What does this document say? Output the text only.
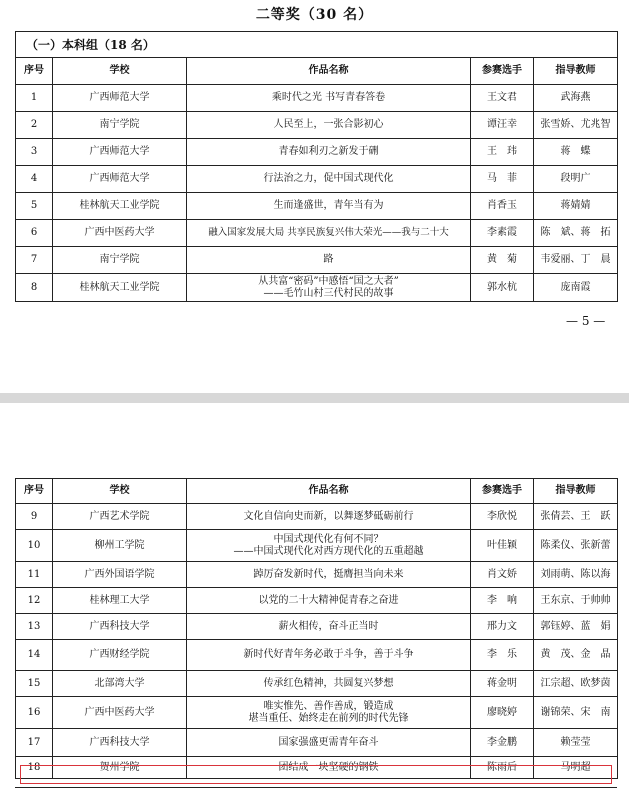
二等奖（30 名）
（一）本科组（18 名）				
序号	学校	作品名称	参赛选手	指导教师
1	广西师范大学	乘时代之光 书写青春答卷	王文君	武海燕
2	南宁学院	人民至上，一张合影初心	谭汪幸	张雪娇、尤兆智
3	广西师范大学	青春如利刃之新发于硎	王　玮	蒋　蝶
4	广西师范大学	行法治之力，促中国式现代化	马　菲	段明广
5	桂林航天工业学院	生而逢盛世，青年当有为	肖香玉	蒋婧婧
6	广西中医药大学	融入国家发展大局 共享民族复兴伟大荣光——我与二十大	李素霞	陈　斌、蒋　拓
7	南宁学院	路	黄　菊	韦爱丽、丁　晨
8	桂林航天工业学院	从共富“密码”中感悟“国之大者”
——毛竹山村三代村民的故事	郭水杭	庞南霞
— 5 —
序号	学校	作品名称	参赛选手	指导教师
9	广西艺术学院	文化自信向史而新，以舞逐梦砥砺前行	李欣悦	张倩芸、王　跃
10	柳州工学院	中国式现代化有何不同？
——中国式现代化对西方现代化的五重超越	叶佳颖	陈柔仪、张新蕾
11	广西外国语学院	踔厉奋发新时代，挺膺担当向未来	肖文娇	刘雨萌、陈以海
12	桂林理工大学	以党的二十大精神促青春之奋进	李　响	王东京、于帅帅
13	广西科技大学	薪火相传，奋斗正当时	邢力文	郭钰婷、蓝　娟
14	广西财经学院	新时代好青年务必敢于斗争，善于斗争	李　乐	黄　茂、金　晶
15	北部湾大学	传承红色精神，共圆复兴梦想	蒋金明	江宗超、欧梦茵
16	广西中医药大学	唯实惟先、善作善成，锻造成
堪当重任、始终走在前列的时代先锋	廖晓婷	谢锦荣、宋　南
17	广西科技大学	国家强盛更需青年奋斗	李金鹏	赖莹莹
18	贺州学院	团结成一块坚硬的钢铁	陈雨后	马明超
